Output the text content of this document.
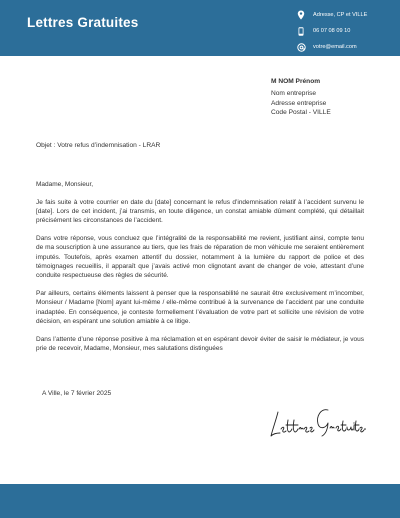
Lettres Gratuites	Adresse, CP et VILLE
06 07 08 09 10
votre@email.com
M NOM Prénom
Nom entreprise
Adresse entreprise
Code Postal - VILLE
Objet : Votre refus d’indemnisation - LRAR

Madame, Monsieur,

Je fais suite à votre courrier en date du [date] concernant le refus d’indemnisation relatif à l’accident survenu le [date]. Lors de cet incident, j’ai transmis, en toute diligence, un constat amiable dûment complété, qui détaillait précisément les circonstances de l’accident.

Dans votre réponse, vous concluez que l’intégralité de la responsabilité me revient, justifiant ainsi, compte tenu de ma souscription à une assurance au tiers, que les frais de réparation de mon véhicule me seraient entièrement imputés. Toutefois, après examen attentif du dossier, notamment à la lumière du rapport de police et des témoignages recueillis, il apparaît que j’avais activé mon clignotant avant de changer de voie, attestant d’une conduite respectueuse des règles de sécurité.

Par ailleurs, certains éléments laissent à penser que la responsabilité ne saurait être exclusivement m’incomber, Monsieur / Madame [Nom] ayant lui-même / elle-même contribué à la survenance de l’accident par une conduite inadaptée. En conséquence, je conteste formellement l’évaluation de votre part et sollicite une révision de votre décision, en espérant une solution amiable à ce litige.

Dans l’attente d’une réponse positive à ma réclamation et en espérant devoir éviter de saisir le médiateur, je vous prie de recevoir, Madame, Monsieur, mes salutations distinguées

A Ville, le 7 février 2025
